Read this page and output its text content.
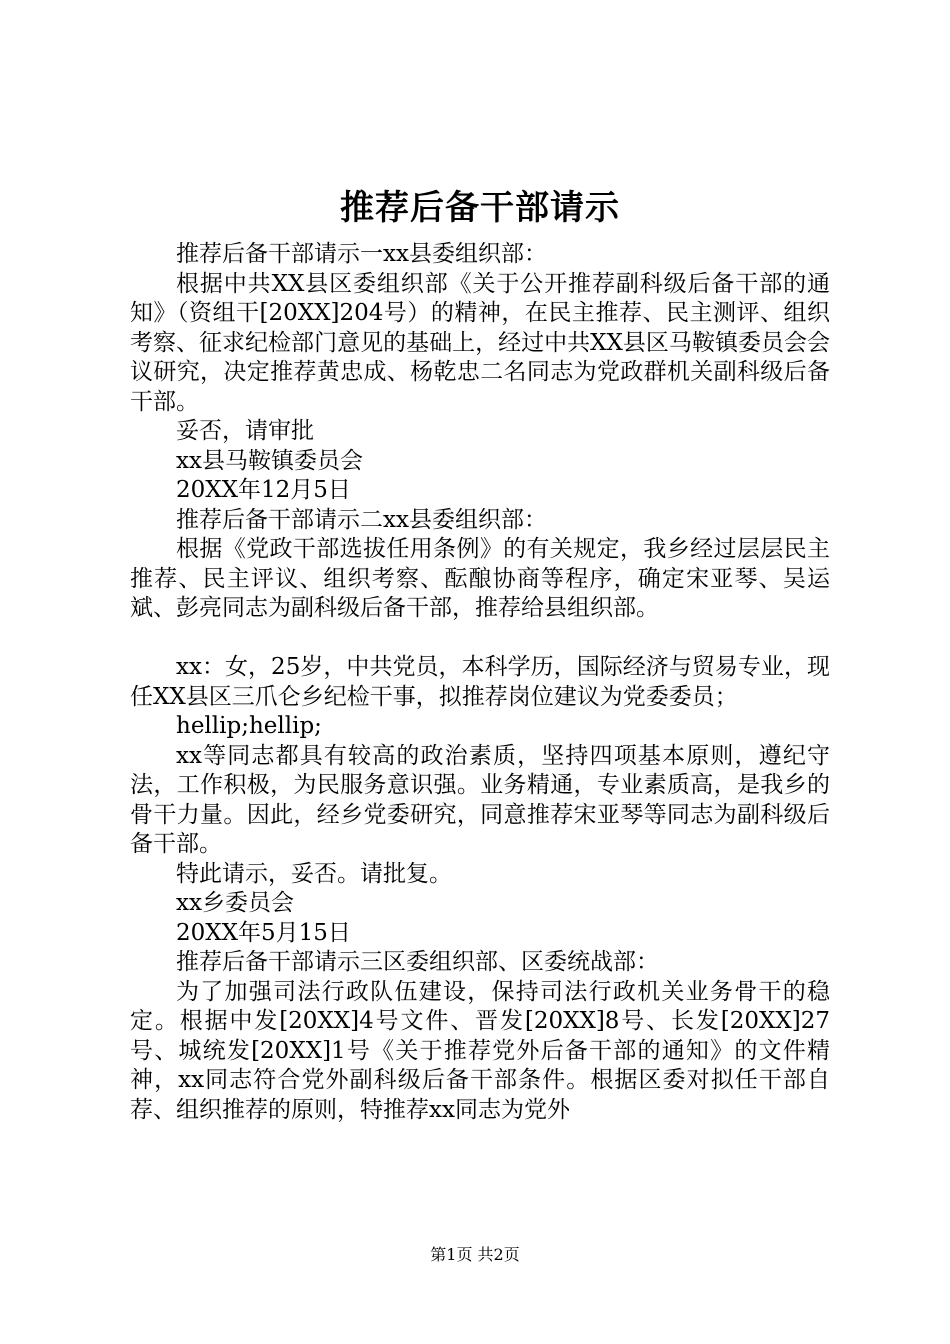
推荐后备干部请示

推荐后备干部请示一xx县委组织部：

根据中共XX县区委组织部《关于公开推荐副科级后备干部的通知》（资组干[20XX]204号）的精神，在民主推荐、民主测评、组织考察、征求纪检部门意见的基础上，经过中共XX县区马鞍镇委员会会议研究，决定推荐黄忠成、杨乾忠二名同志为党政群机关副科级后备干部。

妥否，请审批

xx县马鞍镇委员会

20XX年12月5日

推荐后备干部请示二xx县委组织部：

根据《党政干部选拔任用条例》的有关规定，我乡经过层层民主推荐、民主评议、组织考察、酝酿协商等程序，确定宋亚琴、吴运斌、彭亮同志为副科级后备干部，推荐给县组织部。

xx：女，25岁，中共党员，本科学历，国际经济与贸易专业，现任XX县区三爪仑乡纪检干事，拟推荐岗位建议为党委委员；

hellip;hellip;

xx等同志都具有较高的政治素质，坚持四项基本原则，遵纪守法，工作积极，为民服务意识强。业务精通，专业素质高，是我乡的骨干力量。因此，经乡党委研究，同意推荐宋亚琴等同志为副科级后备干部。

特此请示，妥否。请批复。

xx乡委员会

20XX年5月15日

推荐后备干部请示三区委组织部、区委统战部：

为了加强司法行政队伍建设，保持司法行政机关业务骨干的稳定。根据中发[20XX]4号文件、晋发[20XX]8号、长发[20XX]27号、城统发[20XX]1号《关于推荐党外后备干部的通知》的文件精神，xx同志符合党外副科级后备干部条件。根据区委对拟任干部自荐、组织推荐的原则，特推荐xx同志为党外

第1页 共2页
